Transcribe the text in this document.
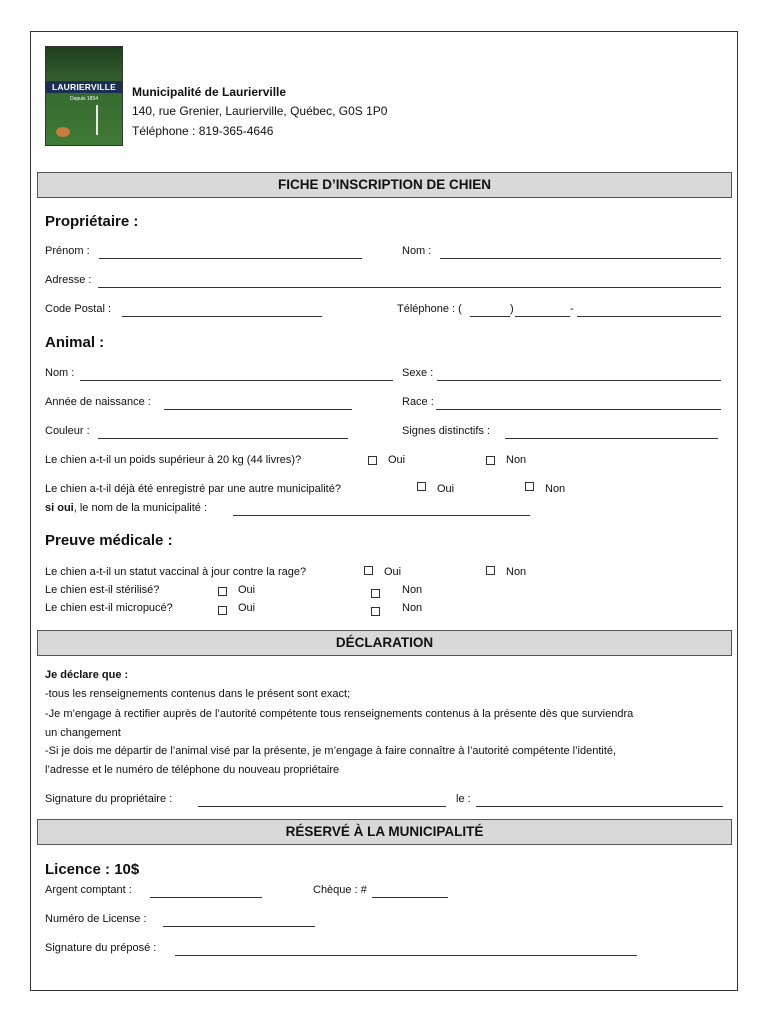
LAURIERVILLE
Depuis 1854	Municipalité de Laurierville
140, rue Grenier, Laurierville, Québec, G0S 1P0
Téléphone : 819-365-4646
FICHE D’INSCRIPTION DE CHIEN
Propriétaire :
Prénom :	Nom :
Adresse :
Code Postal :	Téléphone : (	)	-
Animal :
Nom :	Sexe :
Année de naissance :	Race :
Couleur :	Signes distinctifs :
Le chien a-t-il un poids supérieur à 20 kg (44 livres)?	Oui	Non
Le chien a-t-il déjà été enregistré par une autre municipalité?	Oui	Non
si oui, le nom de la municipalité :
Preuve médicale :
Le chien a-t-il un statut vaccinal à jour contre la rage?	Oui	Non
Le chien est-il stérilisé?	Oui	Non
Le chien est-il micropucé?	Oui	Non
DÉCLARATION
Je déclare que :
-tous les renseignements contenus dans le présent sont exact;
-Je m’engage à rectifier auprès de l’autorité compétente tous renseignements contenus à la présente dès que surviendra
un changement
-Si je dois me départir de l’animal visé par la présente, je m’engage à faire connaître à l’autorité compétente l’identité,
l’adresse et le numéro de téléphone du nouveau propriétaire
Signature du propriétaire :	le :
RÉSERVÉ À LA MUNICIPALITÉ
Licence : 10$
Argent comptant :	Chèque : #
Numéro de License :
Signature du préposé :
